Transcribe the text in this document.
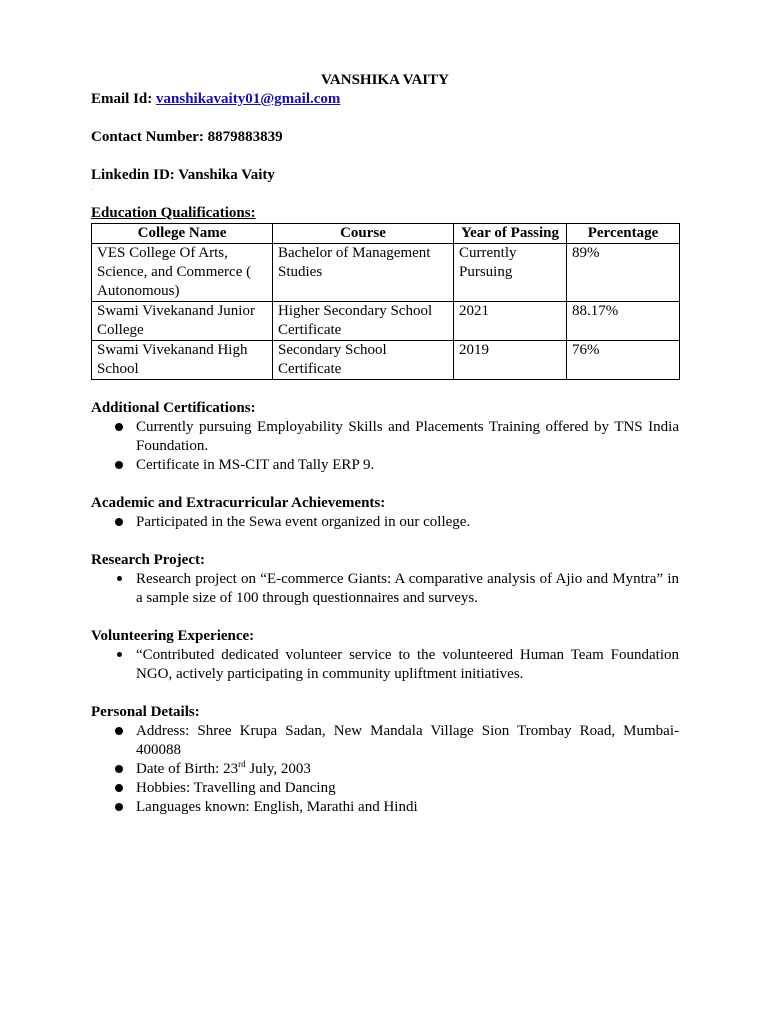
VANSHIKA VAITY

Email Id: vanshikavaity01@gmail.com

Contact Number: 8879883839

Linkedin ID: Vanshika Vaity

.

Education Qualifications:

College Name	Course	Year of Passing	Percentage
VES College Of Arts, Science, and Commerce ( Autonomous)	Bachelor of Management Studies	Currently Pursuing	89%
Swami Vivekanand Junior College	Higher Secondary School Certificate	2021	88.17%
Swami Vivekanand High School	Secondary School Certificate	2019	76%

Additional Certifications:

Currently pursuing Employability Skills and Placements Training offered by TNS India Foundation.
Certificate in MS-CIT and Tally ERP 9.

Academic and Extracurricular Achievements:

Participated in the Sewa event organized in our college.

Research Project:

Research project on “E-commerce Giants: A comparative analysis of Ajio and Myntra” in a sample size of 100 through questionnaires and surveys.

Volunteering Experience:

“Contributed dedicated volunteer service to the volunteered Human Team Foundation NGO, actively participating in community upliftment initiatives.

Personal Details:

Address: Shree Krupa Sadan, New Mandala Village Sion Trombay Road, Mumbai-400088
Date of Birth: 23rd July, 2003
Hobbies: Travelling and Dancing
Languages known: English, Marathi and Hindi
